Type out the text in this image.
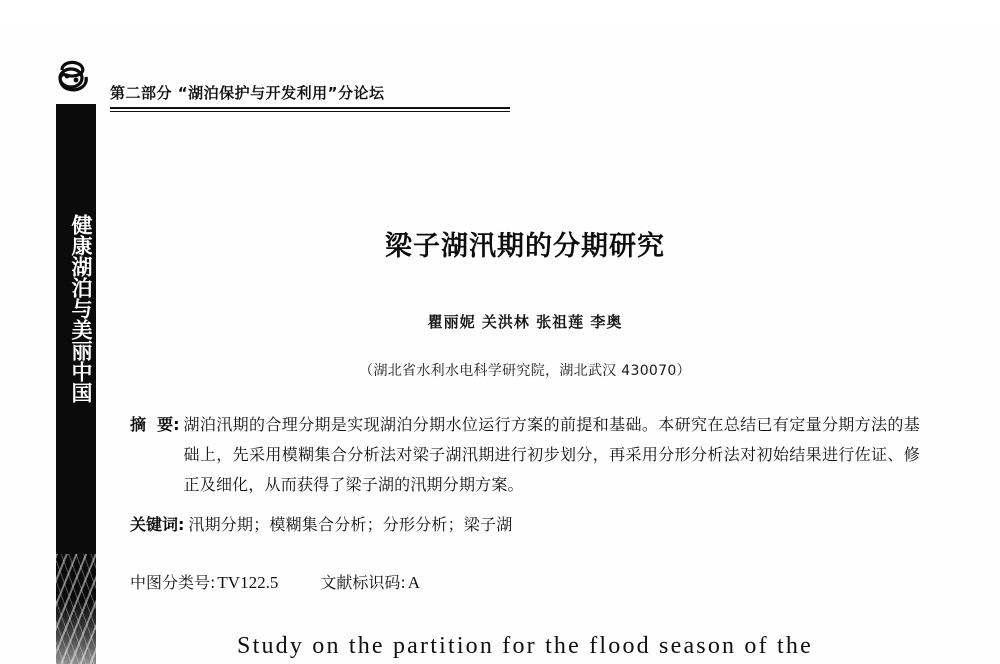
健康湖泊与美丽中国
第二部分 “湖泊保护与开发利用”分论坛
梁子湖汛期的分期研究
瞿丽妮 关洪林 张祖莲 李奥
（湖北省水利水电科学研究院，湖北武汉 430070）
摘  要: 湖泊汛期的合理分期是实现湖泊分期水位运行方案的前提和基础。本研究在总结已有定量分期方法的基础上，先采用模糊集合分析法对梁子湖汛期进行初步划分，再采用分形分析法对初始结果进行佐证、修正及细化，从而获得了梁子湖的汛期分期方案。
关键词: 汛期分期；模糊集合分析；分形分析；梁子湖
中图分类号: TV122.5	文献标识码: A
Study on the partition for the flood season of the
